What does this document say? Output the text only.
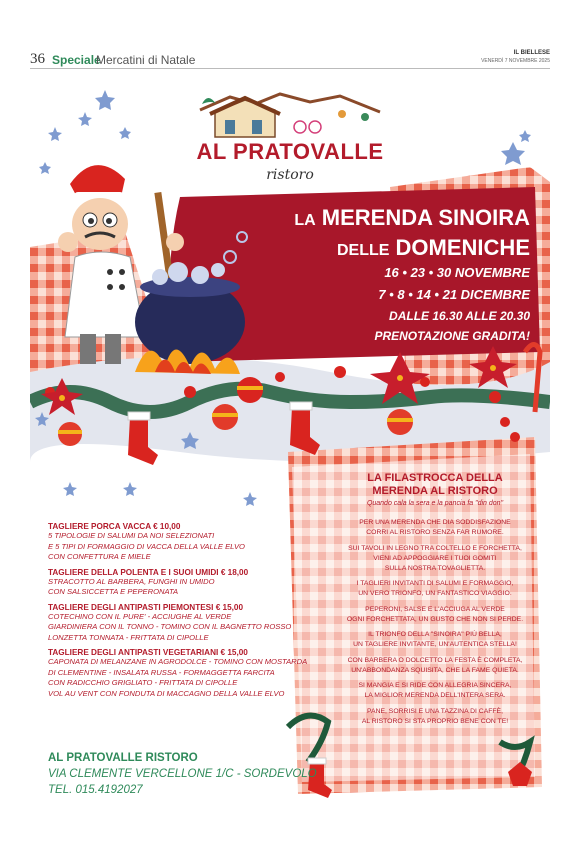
36 Speciale
Mercatini di Natale	IL BIELLESE
VENERDÌ 7 NOVEMBRE 2025
AL PRATOVALLE
ristoro
LA MERENDA SINOIRA
DELLE DOMENICHE
16 • 23 • 30 NOVEMBRE
7 • 8 • 14 • 21 DICEMBRE
DALLE 16.30 ALLE 20.30
PRENOTAZIONE GRADITA!
TAGLIERE PORCA VACCA € 10,00
5 TIPOLOGIE DI SALUMI DA NOI SELEZIONATI
E 5 TIPI DI FORMAGGIO DI VACCA DELLA VALLE ELVO
CON CONFETTURA E MIELE
TAGLIERE DELLA POLENTA E I SUOI UMIDI € 18,00
STRACOTTO AL BARBERA, FUNGHI IN UMIDO
CON SALSICCETTA E PEPERONATA
TAGLIERE DEGLI ANTIPASTI PIEMONTESI € 15,00
COTECHINO CON IL PURE' - ACCIUGHE AL VERDE
GIARDINIERA CON IL TONNO - TOMINO CON IL BAGNETTO ROSSO
LONZETTA TONNATA - FRITTATA DI CIPOLLE
TAGLIERE DEGLI ANTIPASTI VEGETARIANI € 15,00
CAPONATA DI MELANZANE IN AGRODOLCE - TOMINO CON MOSTARDA
DI CLEMENTINE - INSALATA RUSSA - FORMAGGETTA FARCITA
CON RADICCHIO GRIGLIATO - FRITTATA DI CIPOLLE
VOL AU VENT CON FONDUTA DI MACCAGNO DELLA VALLE ELVO
AL PRATOVALLE RISTORO
VIA CLEMENTE VERCELLONE 1/C - SORDEVOLO
TEL. 015.4192027
LA FILASTROCCA DELLA
MERENDA AL RISTORO
Quando cala la sera e la pancia fa "din don"
PER UNA MERENDA CHE DIA SODDISFAZIONE
CORRI AL RISTORO SENZA FAR RUMORE.
SUI TAVOLI IN LEGNO TRA COLTELLO E FORCHETTA,
VIENI AD APPOGGIARE I TUOI GOMITI
SULLA NOSTRA TOVAGLIETTA.
I TAGLIERI INVITANTI DI SALUMI E FORMAGGIO,
UN VERO TRIONFO, UN FANTASTICO VIAGGIO.
PEPERONI, SALSE E L'ACCIUGA AL VERDE
OGNI FORCHETTATA, UN GUSTO CHE NON SI PERDE.
IL TRIONFO DELLA "SINOIRA" PIÙ BELLA,
UN TAGLIERE INVITANTE, UN'AUTENTICA STELLA!
CON BARBERA O DOLCETTO LA FESTA È COMPLETA,
UN'ABBONDANZA SQUISITA, CHE LA FAME QUIETA.
SI MANGIA E SI RIDE CON ALLEGRIA SINCERA,
LA MIGLIOR MERENDA DELL'INTERA SERA.
PANE, SORRISI E UNA TAZZINA DI CAFFÈ,
AL RISTORO SI STA PROPRIO BENE CON TE!
